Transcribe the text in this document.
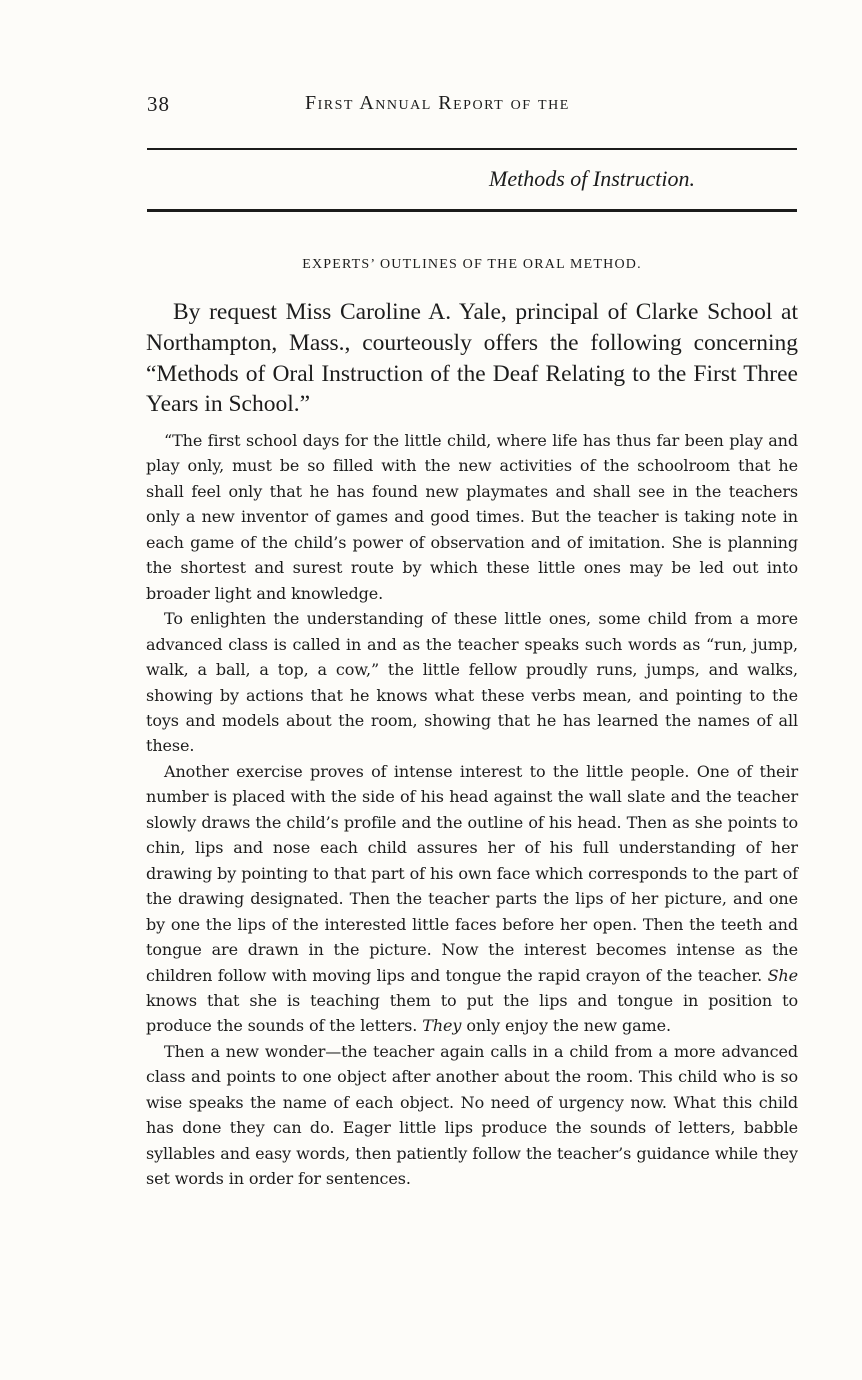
38	First Annual Report of the
Methods of Instruction.
EXPERTS’ OUTLINES OF THE ORAL METHOD.

By request Miss Caroline A. Yale, principal of Clarke School at Northampton, Mass., courteously offers the following concerning “Methods of Oral Instruction of the Deaf Relating to the First Three Years in School.”

“The first school days for the little child, where life has thus far been play and play only, must be so filled with the new activities of the schoolroom that he shall feel only that he has found new playmates and shall see in the teachers only a new inventor of games and good times. But the teacher is taking note in each game of the child’s power of observation and of imitation. She is planning the shortest and surest route by which these little ones may be led out into broader light and knowledge.

To enlighten the understanding of these little ones, some child from a more advanced class is called in and as the teacher speaks such words as “run, jump, walk, a ball, a top, a cow,” the little fellow proudly runs, jumps, and walks, showing by actions that he knows what these verbs mean, and pointing to the toys and models about the room, showing that he has learned the names of all these.

Another exercise proves of intense interest to the little people. One of their number is placed with the side of his head against the wall slate and the teacher slowly draws the child’s profile and the outline of his head. Then as she points to chin, lips and nose each child assures her of his full understanding of her drawing by pointing to that part of his own face which corresponds to the part of the drawing designated. Then the teacher parts the lips of her picture, and one by one the lips of the interested little faces before her open. Then the teeth and tongue are drawn in the picture. Now the interest becomes intense as the children follow with moving lips and tongue the rapid crayon of the teacher. She knows that she is teaching them to put the lips and tongue in position to produce the sounds of the letters. They only enjoy the new game.

Then a new wonder—the teacher again calls in a child from a more advanced class and points to one object after another about the room. This child who is so wise speaks the name of each object. No need of urgency now. What this child has done they can do. Eager little lips produce the sounds of letters, babble syllables and easy words, then patiently follow the teacher’s guidance while they set words in order for sentences.
